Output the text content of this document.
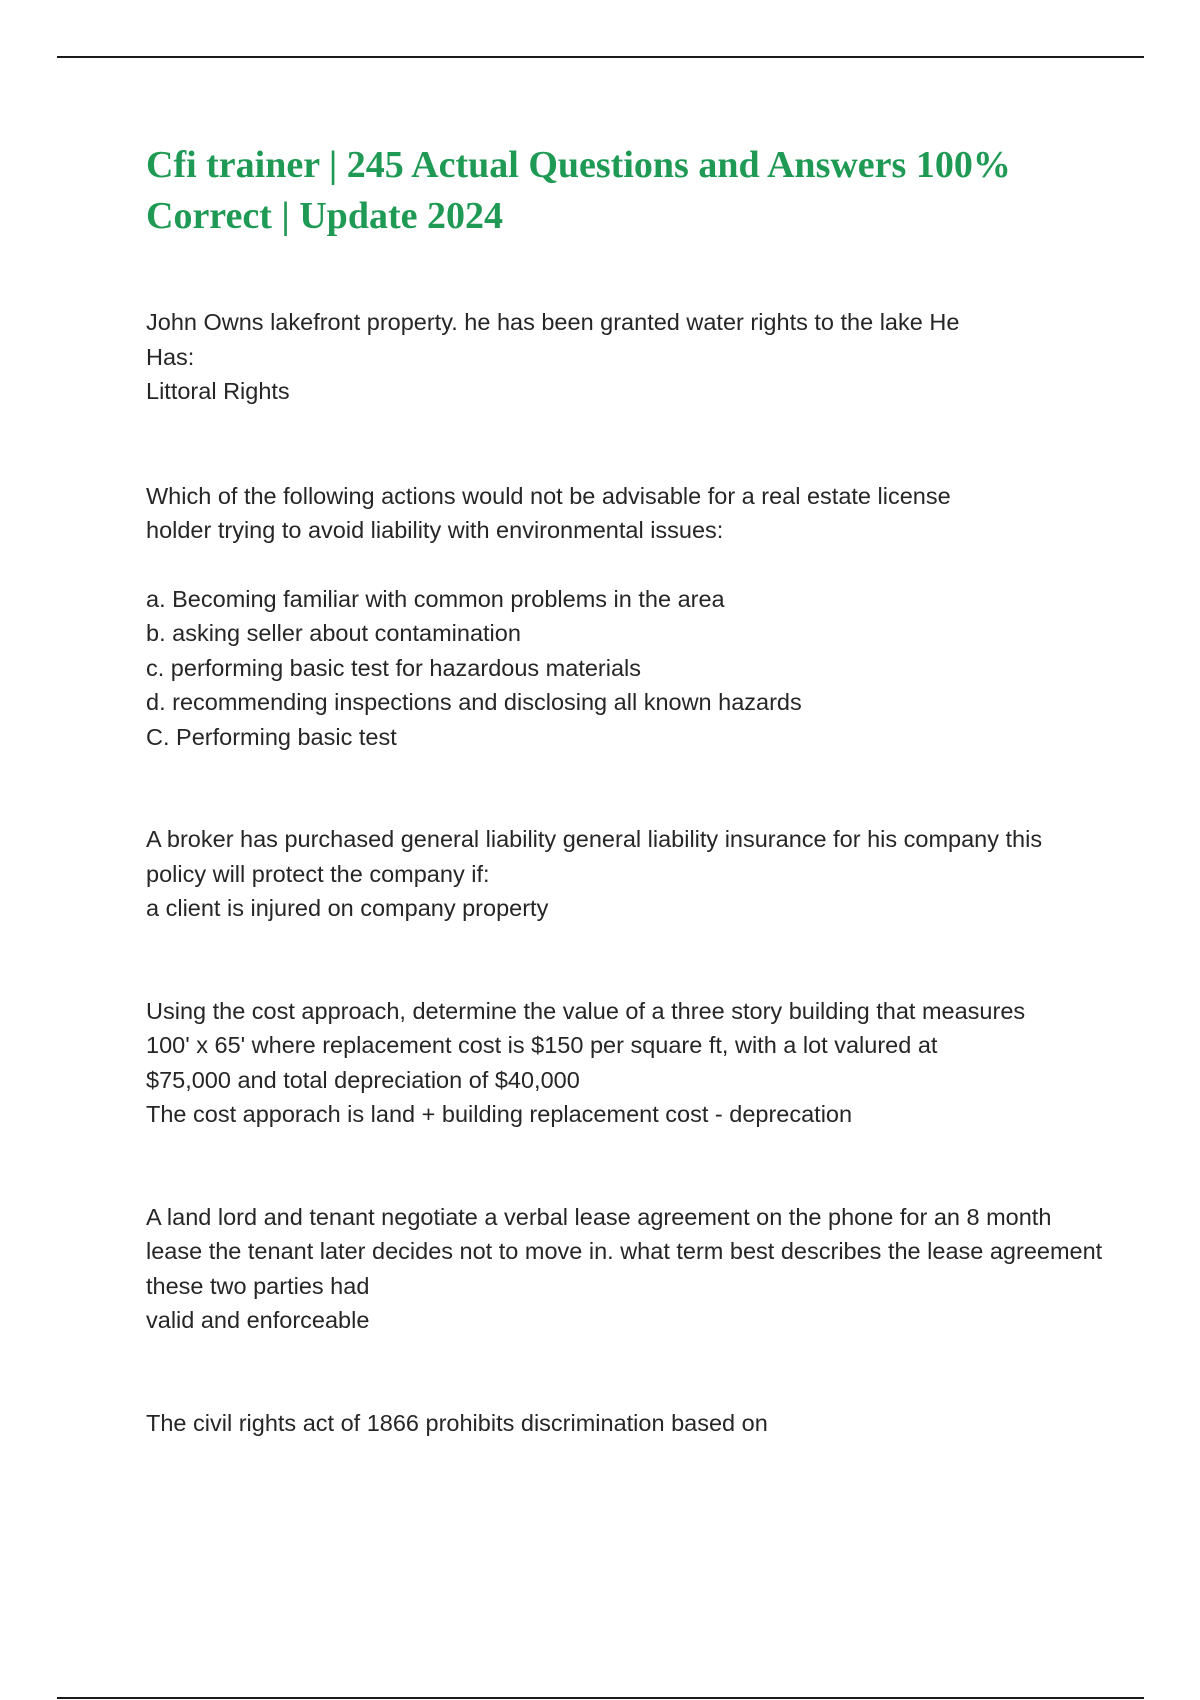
Cfi trainer | 245 Actual Questions and Answers 100% Correct | Update 2024
John Owns lakefront property. he has been granted water rights to the lake He Has:
Littoral Rights
Which of the following actions would not be advisable for a real estate license holder trying to avoid liability with environmental issues:
a. Becoming familiar with common problems in the area
b. asking seller about contamination
c. performing basic test for hazardous materials
d. recommending inspections and disclosing all known hazards
C. Performing basic test
A broker has purchased general liability general liability insurance for his company this policy will protect the company if:
a client is injured on company property
Using the cost approach, determine the value of a three story building that measures 100' x 65' where replacement cost is $150 per square ft, with a lot valured at $75,000 and total depreciation of $40,000
The cost apporach is land + building replacement cost - deprecation
A land lord and tenant negotiate a verbal lease agreement on the phone for an 8 month lease the tenant later decides not to move in. what term best describes the lease agreement these two parties had
valid and enforceable
The civil rights act of 1866 prohibits discrimination based on
